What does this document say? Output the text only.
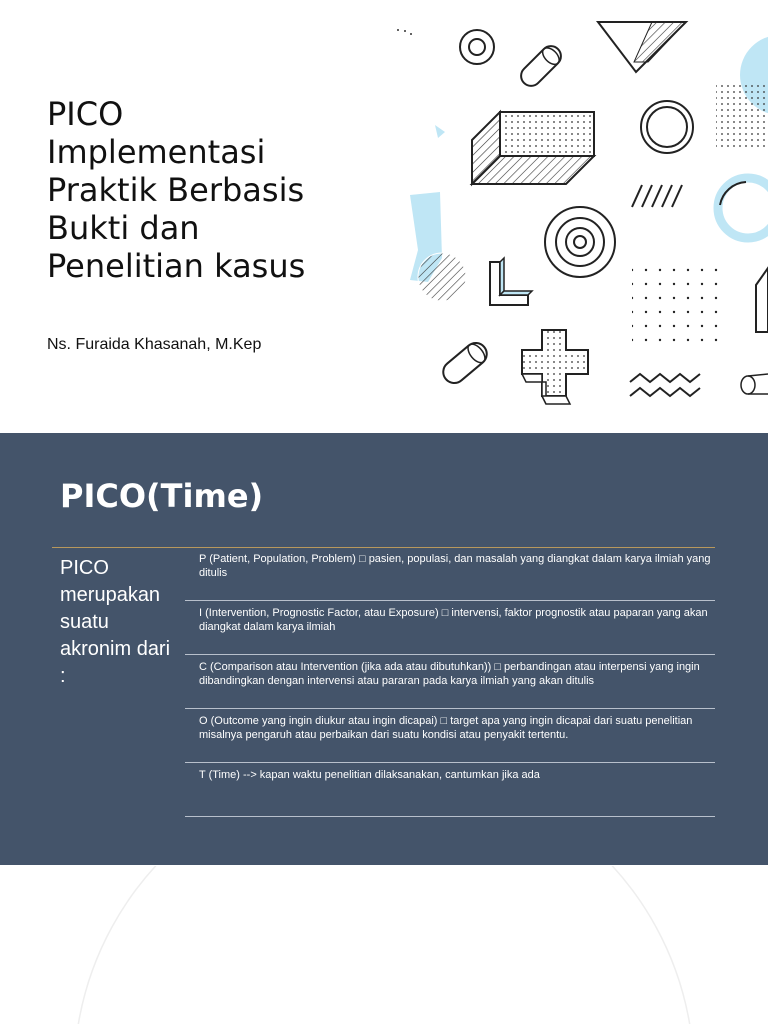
PICO Implementasi Praktik Berbasis Bukti dan Penelitian kasus

Ns. Furaida Khasanah, M.Kep

PICO(Time)
PICO merupakan suatu akronim dari :
P (Patient, Population, Problem) □ pasien, populasi, dan masalah yang diangkat dalam karya ilmiah yang ditulis
I (Intervention, Prognostic Factor, atau Exposure) □ intervensi, faktor prognostik atau paparan yang akan diangkat dalam karya ilmiah
C (Comparison atau Intervention (jika ada atau dibutuhkan)) □ perbandingan atau interpensi yang ingin dibandingkan dengan intervensi atau pararan pada karya ilmiah yang akan ditulis
O (Outcome yang ingin diukur atau ingin dicapai) □ target apa yang ingin dicapai dari suatu penelitian misalnya pengaruh atau perbaikan dari suatu kondisi atau penyakit tertentu.
T (Time) --> kapan waktu penelitian dilaksanakan, cantumkan jika ada
